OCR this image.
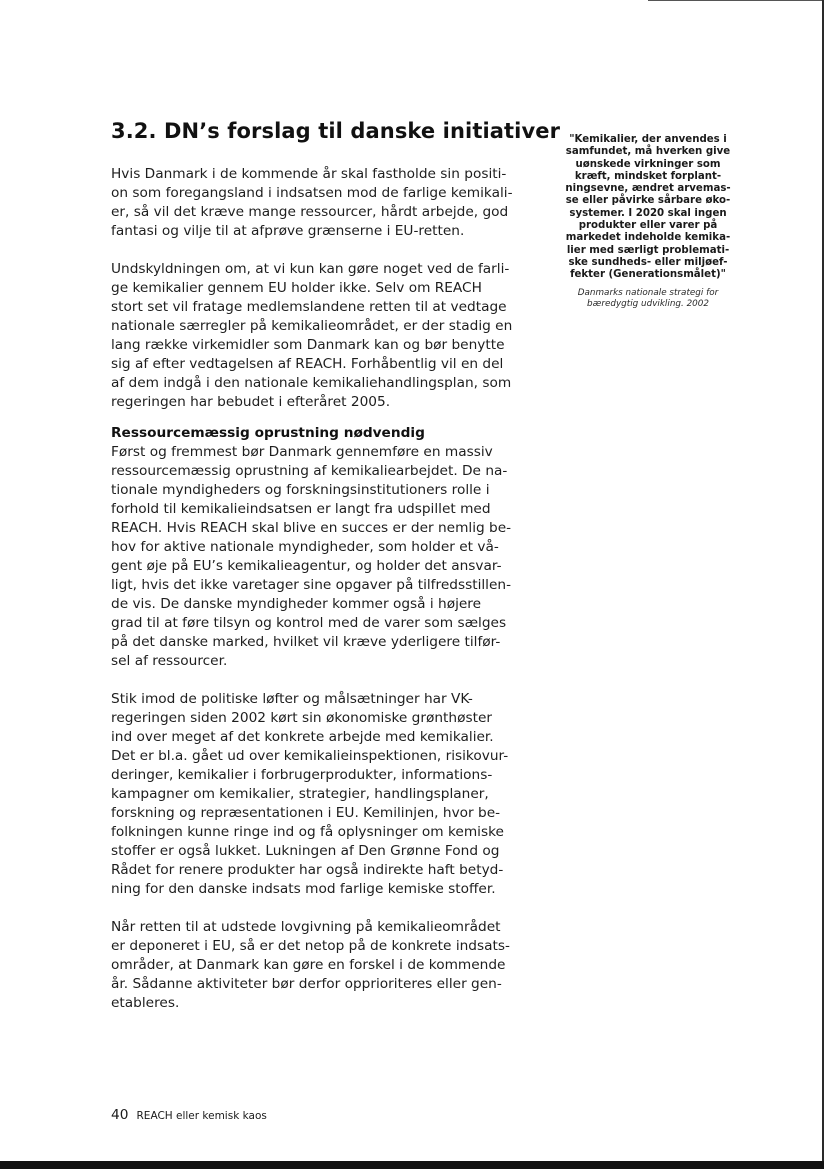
3.2. DN’s forslag til danske initiativer "Kemikalier, der anvendes i
samfundet, må hverken give
uønskede virkninger som
kræft, mindsket forplant-
ningsevne, ændret arvemas-
se eller påvirke sårbare øko-
systemer. I 2020 skal ingen
produkter eller varer på
markedet indeholde kemika-
lier med særligt problemati-
ske sundheds- eller miljøef-
fekter (Generationsmålet)"
Danmarks nationale strategi for
bæredygtig udvikling. 2002
Hvis Danmark i de kommende år skal fastholde sin positi-
on som foregangsland i indsatsen mod de farlige kemikali-
er, så vil det kræve mange ressourcer, hårdt arbejde, god
fantasi og vilje til at afprøve grænserne i EU-retten.
Undskyldningen om, at vi kun kan gøre noget ved de farli-
ge kemikalier gennem EU holder ikke. Selv om REACH
stort set vil fratage medlemslandene retten til at vedtage
nationale særregler på kemikalieområdet, er der stadig en
lang række virkemidler som Danmark kan og bør benytte
sig af efter vedtagelsen af REACH. Forhåbentlig vil en del
af dem indgå i den nationale kemikaliehandlingsplan, som
regeringen har bebudet i efteråret 2005.
Ressourcemæssig oprustning nødvendig
Først og fremmest bør Danmark gennemføre en massiv
ressourcemæssig oprustning af kemikaliearbejdet. De na-
tionale myndigheders og forskningsinstitutioners rolle i
forhold til kemikalieindsatsen er langt fra udspillet med
REACH. Hvis REACH skal blive en succes er der nemlig be-
hov for aktive nationale myndigheder, som holder et vå-
gent øje på EU’s kemikalieagentur, og holder det ansvar-
ligt, hvis det ikke varetager sine opgaver på tilfredsstillen-
de vis. De danske myndigheder kommer også i højere
grad til at føre tilsyn og kontrol med de varer som sælges
på det danske marked, hvilket vil kræve yderligere tilfør-
sel af ressourcer.
Stik imod de politiske løfter og målsætninger har VK-
regeringen siden 2002 kørt sin økonomiske grønthøster
ind over meget af det konkrete arbejde med kemikalier.
Det er bl.a. gået ud over kemikalieinspektionen, risikovur-
deringer, kemikalier i forbrugerprodukter, informations-
kampagner om kemikalier, strategier, handlingsplaner,
forskning og repræsentationen i EU. Kemilinjen, hvor be-
folkningen kunne ringe ind og få oplysninger om kemiske
stoffer er også lukket. Lukningen af Den Grønne Fond og
Rådet for renere produkter har også indirekte haft betyd-
ning for den danske indsats mod farlige kemiske stoffer.
Når retten til at udstede lovgivning på kemikalieområdet
er deponeret i EU, så er det netop på de konkrete indsats-
områder, at Danmark kan gøre en forskel i de kommende
år. Sådanne aktiviteter bør derfor opprioriteres eller gen-
etableres.
40 REACH eller kemisk kaos
